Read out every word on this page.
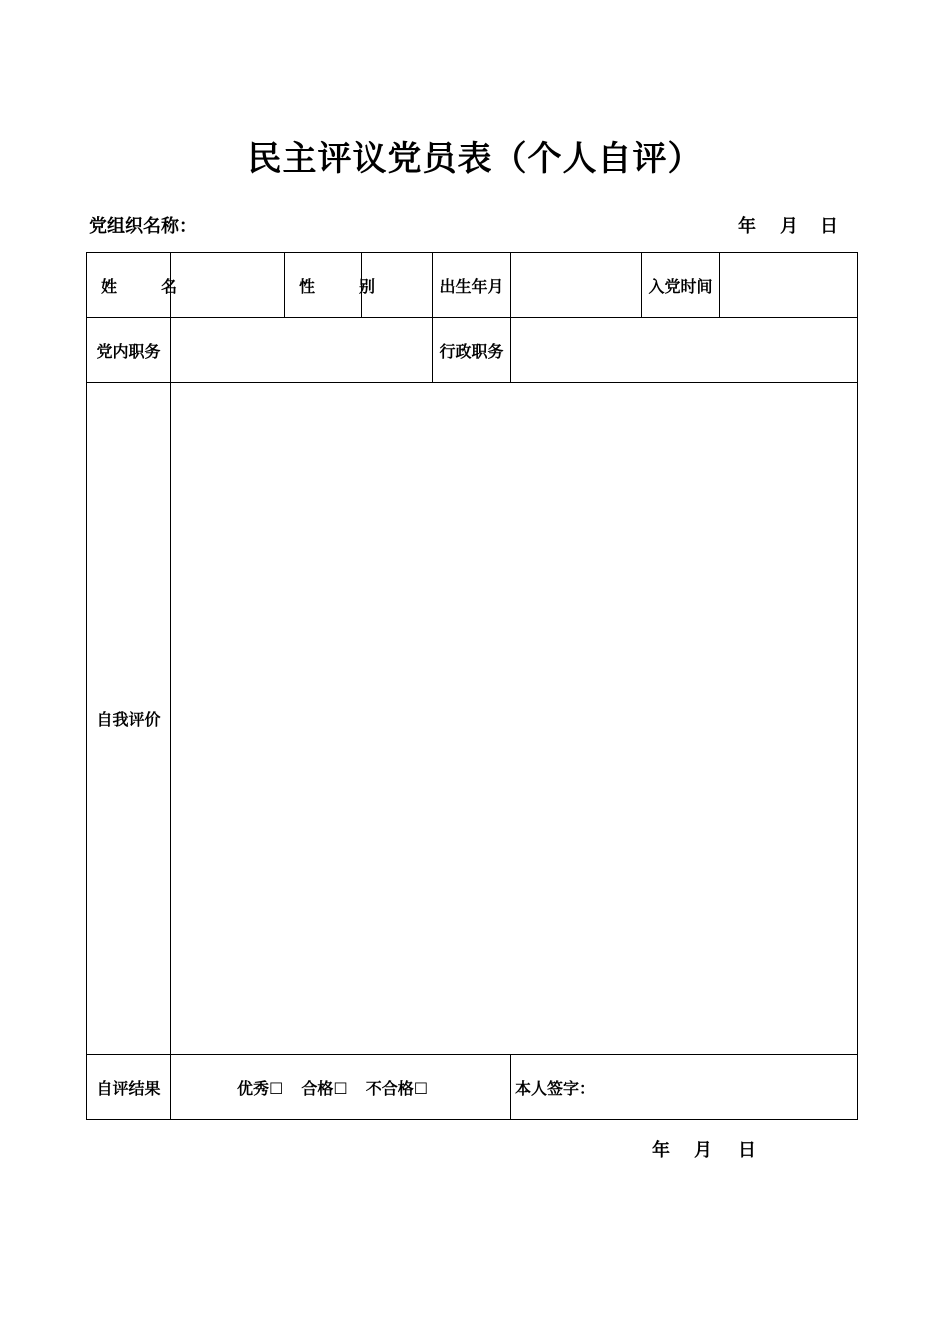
民主评议党员表（个人自评）
党组织名称：	年 月 日
姓　名		性　别		出生年月		入党时间	
党内职务				行政职务			
自我评价							
自评结果	优秀☐ 合格☐ 不合格☐				本人签字：		
年 月 日
